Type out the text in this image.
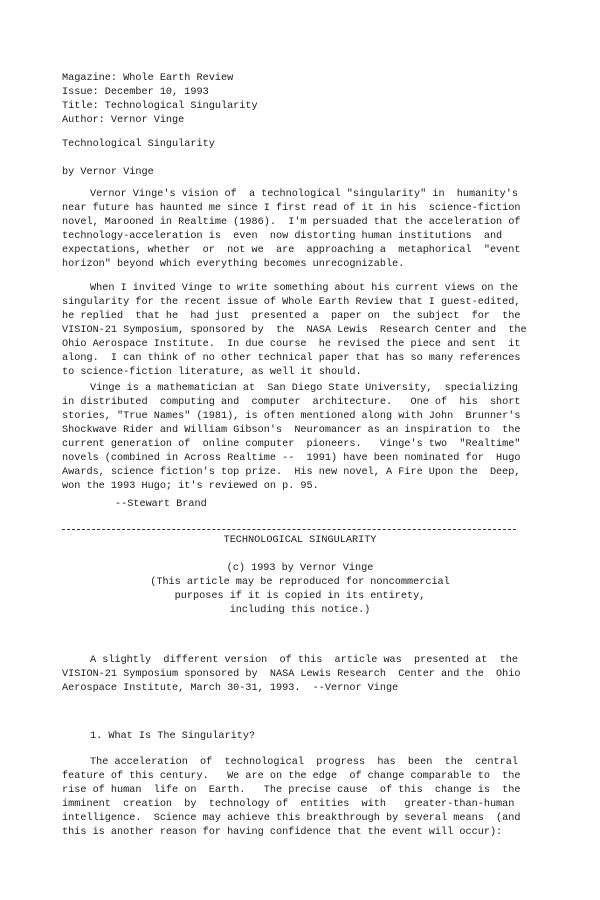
Magazine: Whole Earth Review
Issue: December 10, 1993
Title: Technological Singularity
Author: Vernor Vinge
Technological Singularity
by Vernor Vinge
Vernor Vinge's vision of  a technological "singularity" in  humanity's
near future has haunted me since I first read of it in his  science-fiction
novel, Marooned in Realtime (1986).  I'm persuaded that the acceleration of
technology-acceleration is  even  now distorting human institutions  and
expectations, whether  or  not we  are  approaching a  metaphorical  "event
horizon" beyond which everything becomes unrecognizable.
When I invited Vinge to write something about his current views on the
singularity for the recent issue of Whole Earth Review that I guest-edited,
he replied  that he  had just  presented a  paper on  the subject  for  the
VISION-21 Symposium, sponsored by  the  NASA Lewis  Research Center and  the
Ohio Aerospace Institute.  In due course  he revised the piece and sent  it
along.  I can think of no other technical paper that has so many references
to science-fiction literature, as well it should.
Vinge is a mathematician at  San Diego State University,  specializing
in distributed  computing and  computer  architecture.   One of  his  short
stories, "True Names" (1981), is often mentioned along with John  Brunner's
Shockwave Rider and William Gibson's  Neuromancer as an inspiration to  the
current generation of  online computer  pioneers.   Vinge's two  "Realtime"
novels (combined in Across Realtime --  1991) have been nominated for  Hugo
Awards, science fiction's top prize.  His new novel, A Fire Upon the  Deep,
won the 1993 Hugo; it's reviewed on p. 95.
--Stewart Brand
TECHNOLOGICAL SINGULARITY
(c) 1993 by Vernor Vinge
(This article may be reproduced for noncommercial
purposes if it is copied in its entirety,
including this notice.)
A slightly  different version  of this  article was  presented at  the
VISION-21 Symposium sponsored by  NASA Lewis Research  Center and the  Ohio
Aerospace Institute, March 30-31, 1993.  --Vernor Vinge
1. What Is The Singularity?
The acceleration  of  technological  progress  has  been  the  central
feature of this century.   We are on the edge  of change comparable to  the
rise of human  life on  Earth.   The precise cause  of this  change is  the
imminent  creation  by  technology of  entities  with   greater-than-human
intelligence.  Science may achieve this breakthrough by several means  (and
this is another reason for having confidence that the event will occur):
